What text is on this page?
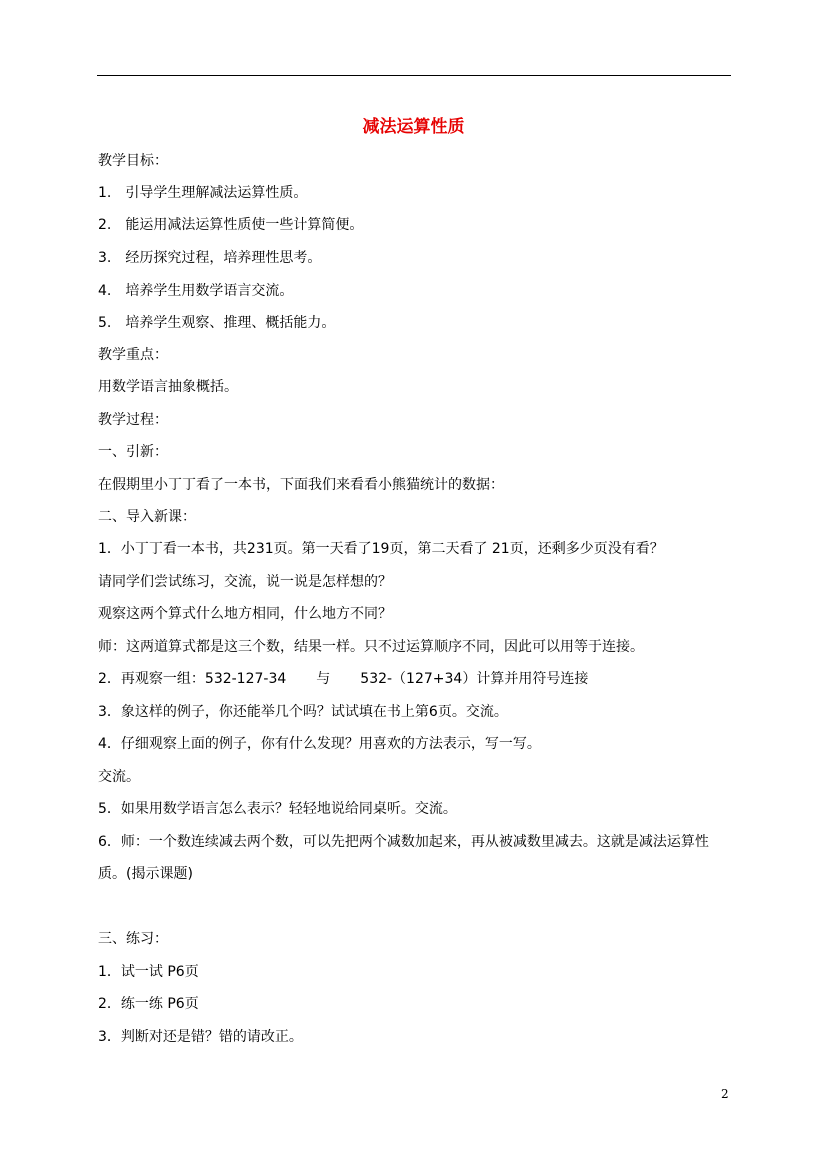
减法运算性质
教学目标：
1.　引导学生理解减法运算性质。
2.　能运用减法运算性质使一些计算简便。
3.　经历探究过程，培养理性思考。
4.　培养学生用数学语言交流。
5.　培养学生观察、推理、概括能力。
教学重点：
用数学语言抽象概括。
教学过程：
一、引新：
在假期里小丁丁看了一本书，下面我们来看看小熊猫统计的数据：
二、导入新课：
1．小丁丁看一本书，共231页。第一天看了19页，第二天看了 21页，还剩多少页没有看？
请同学们尝试练习，交流，说一说是怎样想的？
观察这两个算式什么地方相同，什么地方不同？
师：这两道算式都是这三个数，结果一样。只不过运算顺序不同，因此可以用等于连接。
2．再观察一组：532-127-34 与 532-（127+34）计算并用符号连接
3．象这样的例子，你还能举几个吗？试试填在书上第6页。交流。
4．仔细观察上面的例子，你有什么发现？用喜欢的方法表示，写一写。
交流。
5．如果用数学语言怎么表示？轻轻地说给同桌听。交流。
6．师：一个数连续减去两个数，可以先把两个减数加起来，再从被减数里减去。这就是减法运算性质。(揭示课题)
三、练习：
1．试一试 P6页
2．练一练 P6页
3．判断对还是错？错的请改正。
2
